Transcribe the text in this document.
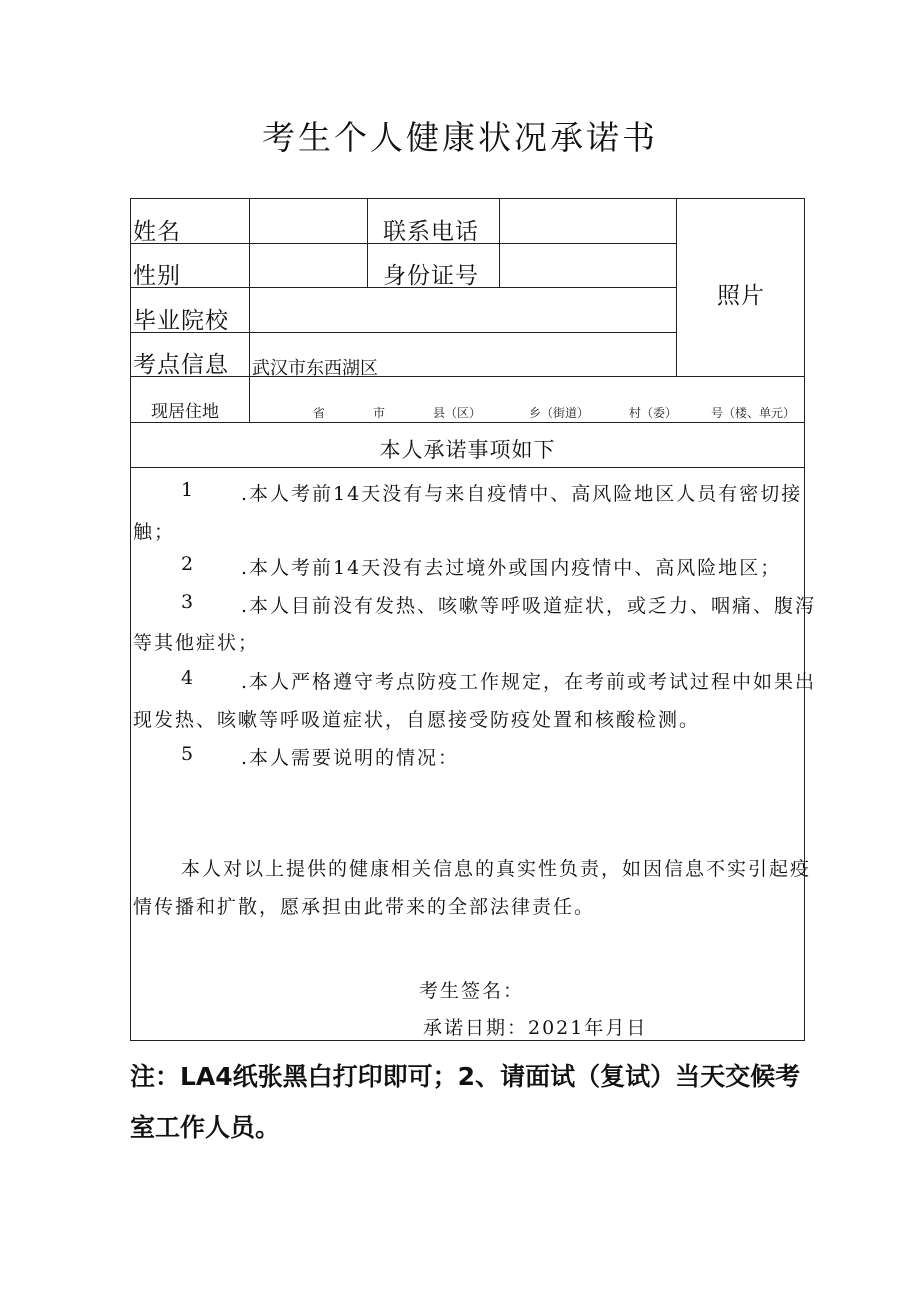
考生个人健康状况承诺书
姓名	联系电话
性别	身份证号
毕业院校
考点信息 武汉市东西湖区
照片
现居住地	省	市	县（区）	乡（街道）	村（委）	号（楼、单元）
本人承诺事项如下
1	.本人考前14天没有与来自疫情中、高风险地区人员有密切接
触；
2	.本人考前14天没有去过境外或国内疫情中、高风险地区；
3	.本人目前没有发热、咳嗽等呼吸道症状，或乏力、咽痛、腹泻
等其他症状；
4	.本人严格遵守考点防疫工作规定，在考前或考试过程中如果出
现发热、咳嗽等呼吸道症状，自愿接受防疫处置和核酸检测。
5	.本人需要说明的情况：
本人对以上提供的健康相关信息的真实性负责，如因信息不实引起疫
情传播和扩散，愿承担由此带来的全部法律责任。
考生签名：
承诺日期：2021年月日
注：LA4纸张黑白打印即可；2、请面试（复试）当天交候考
室工作人员。
